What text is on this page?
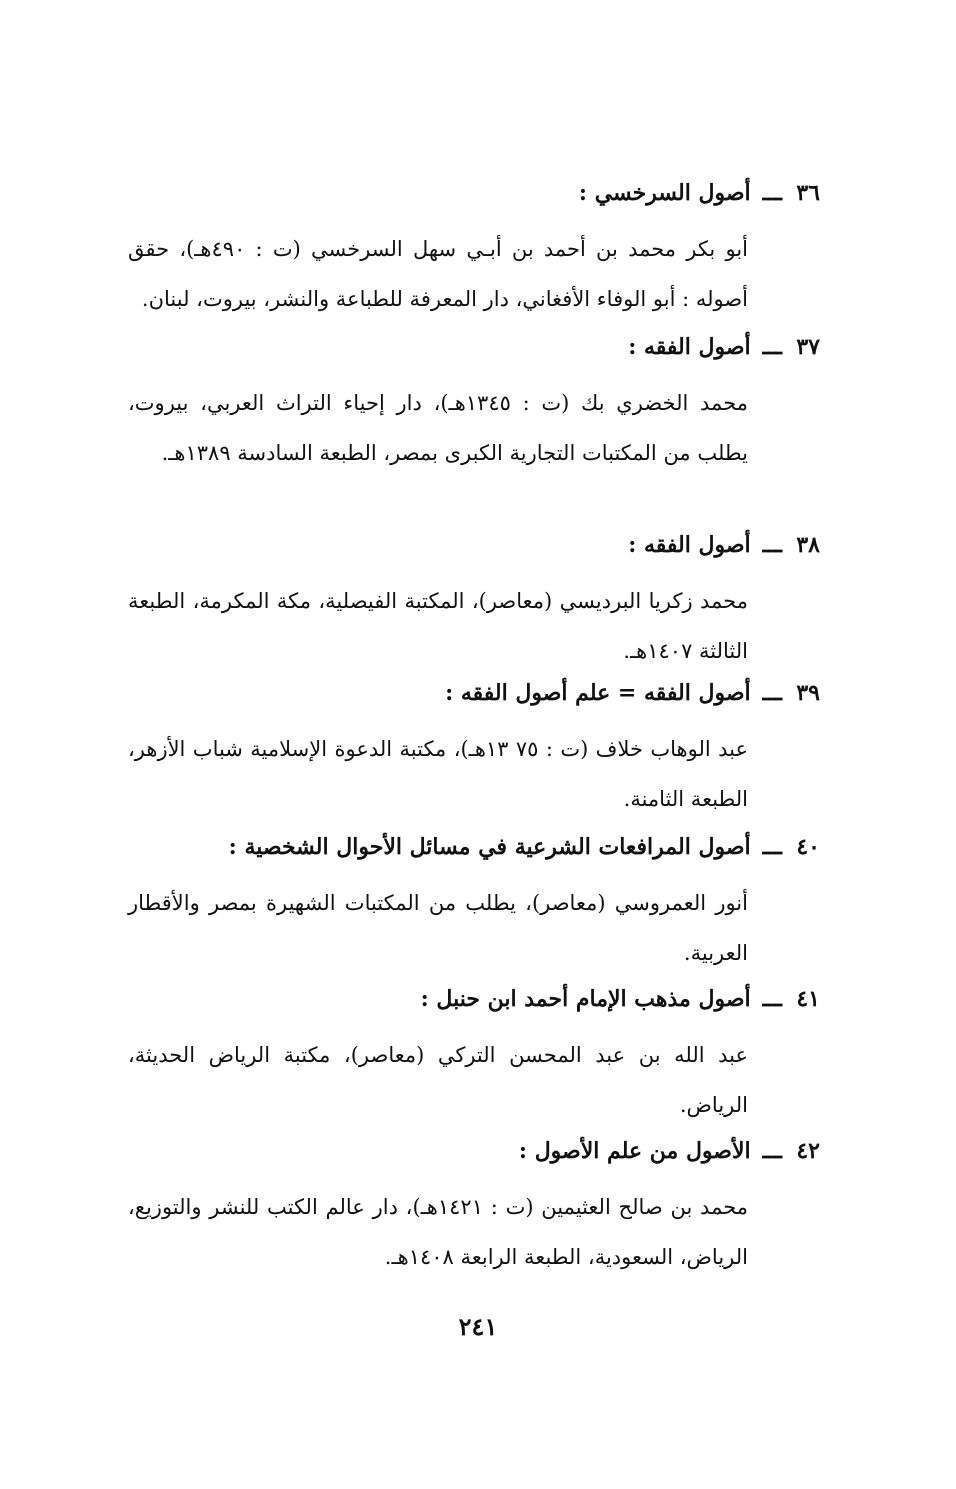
٣٦
ـــ
أصول السرخسي :
أبو بكر محمد بن أحمد بن أبـي سهل السرخسي (ت : ٤٩٠هـ)، حقق أصوله : أبو الوفاء الأفغاني، دار المعرفة للطباعة والنشر، بيروت، لبنان.
٣٧
ـــ
أصول الفقه :
محمد الخضري بك (ت : ١٣٤٥هـ)، دار إحياء التراث العربي، بيروت، يطلب من المكتبات التجارية الكبرى بمصر، الطبعة السادسة ١٣٨٩هـ.
٣٨
ـــ
أصول الفقه :
محمد زكريا البرديسي (معاصر)، المكتبة الفيصلية، مكة المكرمة، الطبعة الثالثة ١٤٠٧هـ.
٣٩
ـــ
أصول الفقه = علم أصول الفقه :
عبد الوهاب خلاف (ت : ٧٥ ١٣هـ)، مكتبة الدعوة الإسلامية شباب الأزهر، الطبعة الثامنة.
٤٠
ـــ
أصول المرافعات الشرعية في مسائل الأحوال الشخصية :
أنور العمروسي (معاصر)، يطلب من المكتبات الشهيرة بمصر والأقطار العربية.
٤١
ـــ
أصول مذهب الإمام أحمد ابن حنبل :
عبد الله بن عبد المحسن التركي (معاصر)، مكتبة الرياض الحديثة، الرياض.
٤٢
ـــ
الأصول من علم الأصول :
محمد بن صالح العثيمين (ت : ١٤٢١هـ)، دار عالم الكتب للنشر والتوزيع، الرياض، السعودية، الطبعة الرابعة ١٤٠٨هـ.
٢٤١
